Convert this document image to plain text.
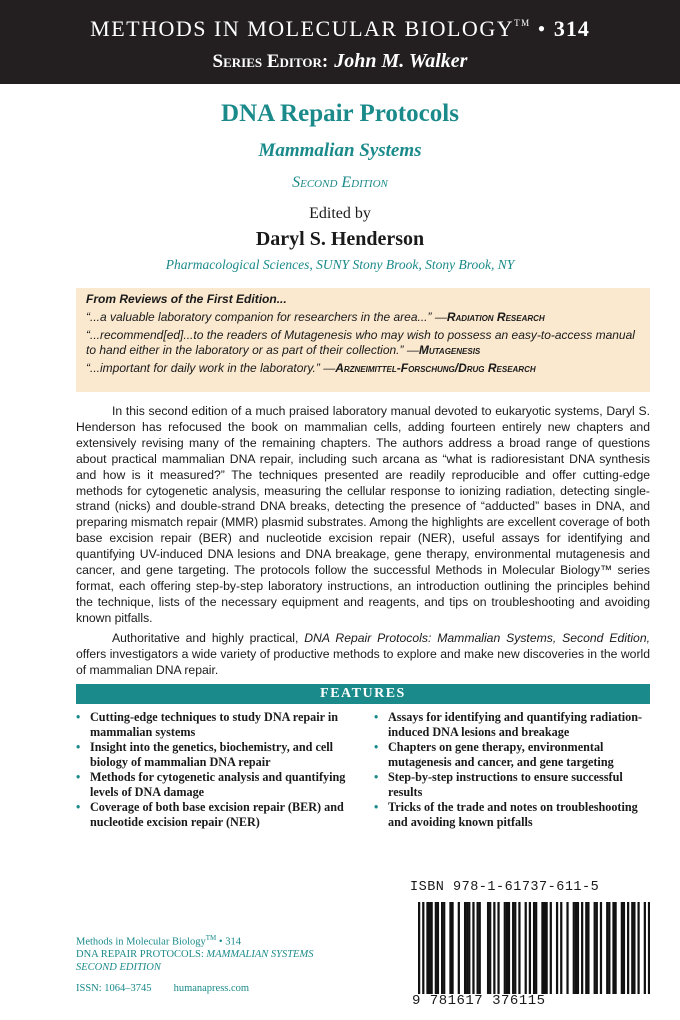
METHODS IN MOLECULAR BIOLOGY™ • 314
Series Editor: John M. Walker
DNA Repair Protocols
Mammalian Systems
Second Edition
Edited by
Daryl S. Henderson
Pharmacological Sciences, SUNY Stony Brook, Stony Brook, NY
From Reviews of the First Edition...
“...a valuable laboratory companion for researchers in the area...” —Radiation Research
“...recommend[ed]...to the readers of Mutagenesis who may wish to possess an easy-to-access manual to hand either in the laboratory or as part of their collection.” —Mutagenesis
“...important for daily work in the laboratory.” —Arzneimittel-Forschung/Drug Research

In this second edition of a much praised laboratory manual devoted to eukaryotic systems, Daryl S. Henderson has refocused the book on mammalian cells, adding fourteen entirely new chapters and extensively revising many of the remaining chapters. The authors address a broad range of questions about practical mammalian DNA repair, including such arcana as “what is radioresistant DNA synthesis and how is it measured?” The techniques presented are readily reproducible and offer cutting-edge methods for cytogenetic analysis, measuring the cellular response to ionizing radiation, detecting single-strand (nicks) and double-strand DNA breaks, detecting the presence of “adducted” bases in DNA, and preparing mismatch repair (MMR) plasmid substrates. Among the highlights are excellent coverage of both base excision repair (BER) and nucleotide excision repair (NER), useful assays for identifying and quantifying UV-induced DNA lesions and DNA breakage, gene therapy, environmental mutagenesis and cancer, and gene targeting. The protocols follow the successful Methods in Molecular Biology™ series format, each offering step-by-step laboratory instructions, an introduction outlining the principles behind the technique, lists of the necessary equipment and reagents, and tips on troubleshooting and avoiding known pitfalls.

Authoritative and highly practical, DNA Repair Protocols: Mammalian Systems, Second Edition, offers investigators a wide variety of productive methods to explore and make new discoveries in the world of mammalian DNA repair.

FEATURES
• Cutting-edge techniques to study DNA repair in mammalian systems
• Insight into the genetics, biochemistry, and cell biology of mammalian DNA repair
• Methods for cytogenetic analysis and quantifying levels of DNA damage
• Coverage of both base excision repair (BER) and nucleotide excision repair (NER)
• Assays for identifying and quantifying radiation-induced DNA lesions and breakage
• Chapters on gene therapy, environmental mutagenesis and cancer, and gene targeting
• Step-by-step instructions to ensure successful results
• Tricks of the trade and notes on troubleshooting and avoiding known pitfalls
ISBN 978-1-61737-611-5
9 781617 376115
Methods in Molecular Biology™ • 314
DNA REPAIR PROTOCOLS: MAMMALIAN SYSTEMS
SECOND EDITION
ISSN: 1064–3745 humanapress.com
